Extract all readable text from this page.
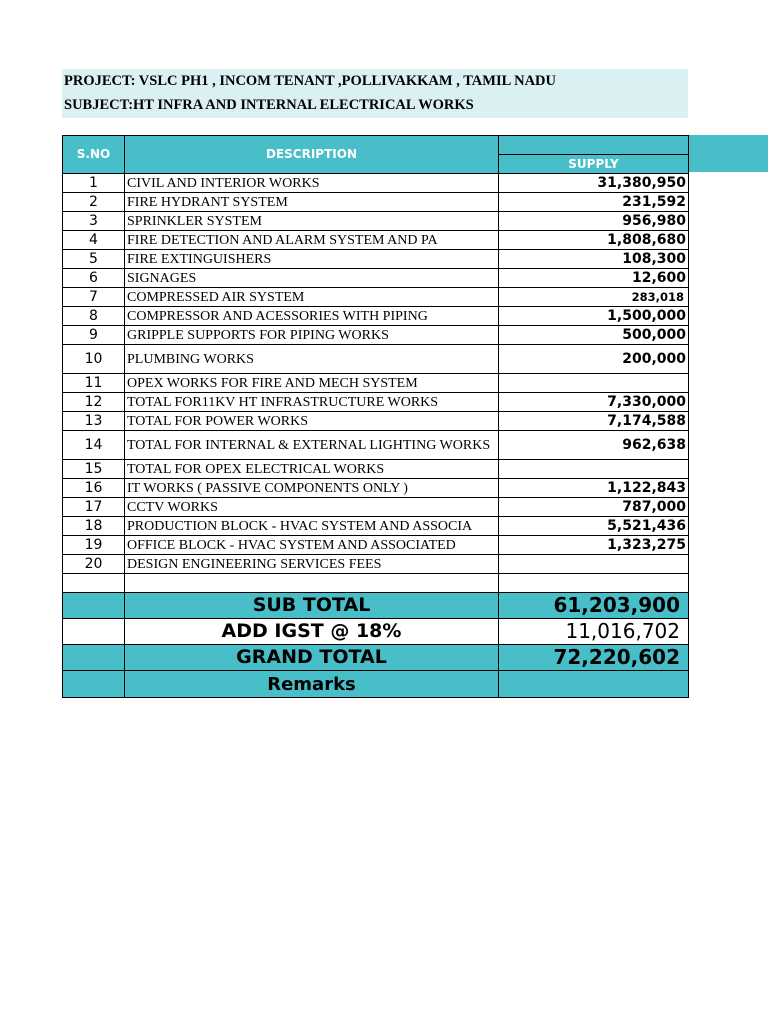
PROJECT: VSLC PH1 , INCOM TENANT ,POLLIVAKKAM , TAMIL NADU
SUBJECT:HT INFRA AND INTERNAL ELECTRICAL WORKS
S.NO	DESCRIPTION	
		SUPPLY
1	CIVIL AND INTERIOR WORKS	31,380,950
2	FIRE HYDRANT SYSTEM	231,592
3	SPRINKLER SYSTEM	956,980
4	FIRE DETECTION AND ALARM SYSTEM AND PA	1,808,680
5	FIRE EXTINGUISHERS	108,300
6	SIGNAGES	12,600
7	COMPRESSED AIR SYSTEM	283,018
8	COMPRESSOR AND ACESSORIES WITH PIPING	1,500,000
9	GRIPPLE SUPPORTS FOR PIPING WORKS	500,000
10	PLUMBING WORKS	200,000
11	OPEX WORKS FOR FIRE AND MECH SYSTEM	
12	TOTAL FOR11KV HT INFRASTRUCTURE WORKS	7,330,000
13	TOTAL FOR POWER WORKS	7,174,588
14	TOTAL FOR INTERNAL & EXTERNAL LIGHTING WORKS	962,638
15	TOTAL FOR OPEX ELECTRICAL WORKS	
16	IT WORKS ( PASSIVE COMPONENTS ONLY )	1,122,843
17	CCTV WORKS	787,000
18	PRODUCTION BLOCK - HVAC SYSTEM AND ASSOCIA	5,521,436
19	OFFICE BLOCK - HVAC SYSTEM AND ASSOCIATED	1,323,275
20	DESIGN ENGINEERING SERVICES FEES	

	SUB TOTAL	61,203,900
	ADD IGST @ 18%	11,016,702
	GRAND TOTAL	72,220,602
	Remarks	
